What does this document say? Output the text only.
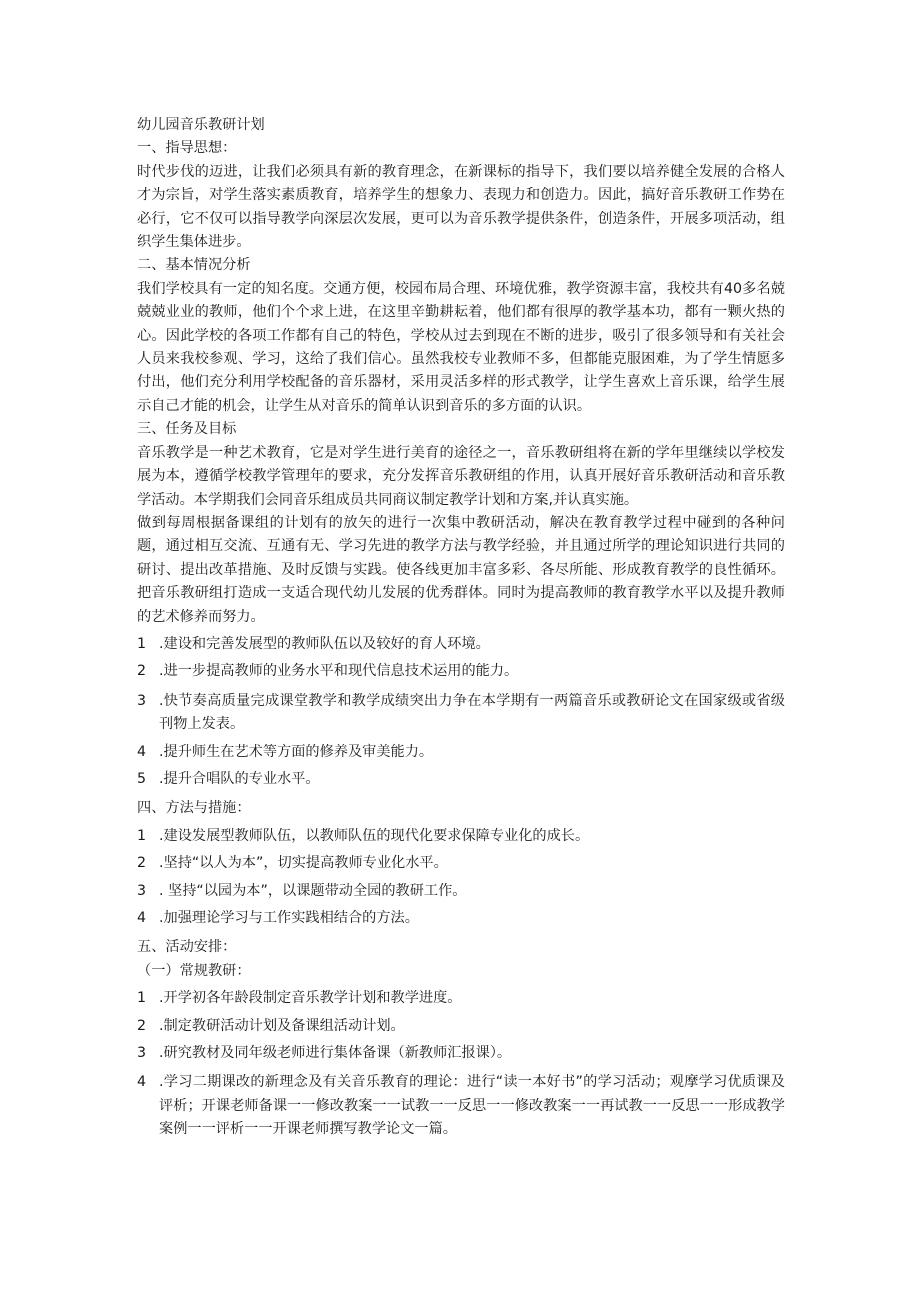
幼儿园音乐教研计划

一、指导思想：

时代步伐的迈进，让我们必须具有新的教育理念，在新课标的指导下，我们要以培养健全发展的合格人才为宗旨，对学生落实素质教育，培养学生的想象力、表现力和创造力。因此，搞好音乐教研工作势在必行，它不仅可以指导教学向深层次发展，更可以为音乐教学提供条件，创造条件，开展多项活动，组织学生集体进步。

二、基本情况分析

我们学校具有一定的知名度。交通方便，校园布局合理、环境优雅，教学资源丰富，我校共有40多名兢兢兢业业的教师，他们个个求上进，在这里辛勤耕耘着，他们都有很厚的教学基本功，都有一颗火热的心。因此学校的各项工作都有自己的特色，学校从过去到现在不断的进步，吸引了很多领导和有关社会人员来我校参观、学习，这给了我们信心。虽然我校专业教师不多，但都能克服困难，为了学生情愿多付出，他们充分利用学校配备的音乐器材，采用灵活多样的形式教学，让学生喜欢上音乐课，给学生展示自己才能的机会，让学生从对音乐的简单认识到音乐的多方面的认识。

三、任务及目标

音乐教学是一种艺术教育，它是对学生进行美育的途径之一，音乐教研组将在新的学年里继续以学校发展为本，遵循学校教学管理年的要求，充分发挥音乐教研组的作用，认真开展好音乐教研活动和音乐教学活动。本学期我们会同音乐组成员共同商议制定教学计划和方案,并认真实施。

做到每周根据备课组的计划有的放矢的进行一次集中教研活动，解决在教育教学过程中碰到的各种问题，通过相互交流、互通有无、学习先进的教学方法与教学经验，并且通过所学的理论知识进行共同的研讨、提出改革措施、及时反馈与实践。使各线更加丰富多彩、各尽所能、形成教育教学的良性循环。把音乐教研组打造成一支适合现代幼儿发展的优秀群体。同时为提高教师的教育教学水平以及提升教师的艺术修养而努力。

1 .建设和完善发展型的教师队伍以及较好的育人环境。
2 .进一步提高教师的业务水平和现代信息技术运用的能力。
3 .快节奏高质量完成课堂教学和教学成绩突出力争在本学期有一两篇音乐或教研论文在国家级或省级刊物上发表。
4 .提升师生在艺术等方面的修养及审美能力。
5 .提升合唱队的专业水平。

四、方法与措施：

1 .建设发展型教师队伍，以教师队伍的现代化要求保障专业化的成长。
2 .坚持“以人为本”，切实提高教师专业化水平。
3 . 坚持“以园为本”，以课题带动全园的教研工作。
4 .加强理论学习与工作实践相结合的方法。

五、活动安排：

（一）常规教研：

1 .开学初各年龄段制定音乐教学计划和教学进度。
2 .制定教研活动计划及备课组活动计划。
3 .研究教材及同年级老师进行集体备课（新教师汇报课）。
4 .学习二期课改的新理念及有关音乐教育的理论：进行“读一本好书”的学习活动；观摩学习优质课及评析；开课老师备课一一修改教案一一试教一一反思一一修改教案一一再试教一一反思一一形成教学案例一一评析一一开课老师撰写教学论文一篇。
